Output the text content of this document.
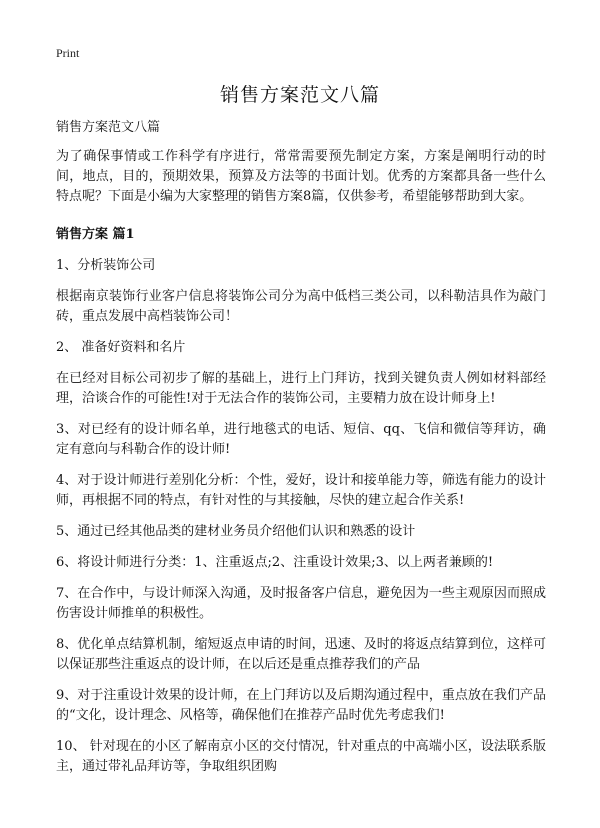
Print
销售方案范文八篇

销售方案范文八篇

为了确保事情或工作科学有序进行，常常需要预先制定方案，方案是阐明行动的时间，地点，目的，预期效果，预算及方法等的书面计划。优秀的方案都具备一些什么特点呢？下面是小编为大家整理的销售方案8篇，仅供参考，希望能够帮助到大家。

销售方案 篇1

1、分析装饰公司

根据南京装饰行业客户信息将装饰公司分为高中低档三类公司，以科勒洁具作为敲门砖，重点发展中高档装饰公司！

2、 准备好资料和名片

在已经对目标公司初步了解的基础上，进行上门拜访，找到关键负责人例如材料部经理，洽谈合作的可能性!对于无法合作的装饰公司，主要精力放在设计师身上!

3、对已经有的设计师名单，进行地毯式的电话、短信、qq、飞信和微信等拜访，确定有意向与科勒合作的设计师!

4、对于设计师进行差别化分析：个性，爱好，设计和接单能力等，筛选有能力的设计师，再根据不同的特点，有针对性的与其接触，尽快的建立起合作关系!

5、通过已经其他品类的建材业务员介绍他们认识和熟悉的设计

6、将设计师进行分类：1、注重返点;2、注重设计效果;3、以上两者兼顾的!

7、在合作中，与设计师深入沟通，及时报备客户信息，避免因为一些主观原因而照成伤害设计师推单的积极性。

8、优化单点结算机制，缩短返点申请的时间，迅速、及时的将返点结算到位，这样可以保证那些注重返点的设计师，在以后还是重点推荐我们的产品

9、对于注重设计效果的设计师，在上门拜访以及后期沟通过程中，重点放在我们产品的“文化，设计理念、风格等，确保他们在推荐产品时优先考虑我们!

10、 针对现在的小区了解南京小区的交付情况，针对重点的中高端小区，设法联系版主，通过带礼品拜访等，争取组织团购
